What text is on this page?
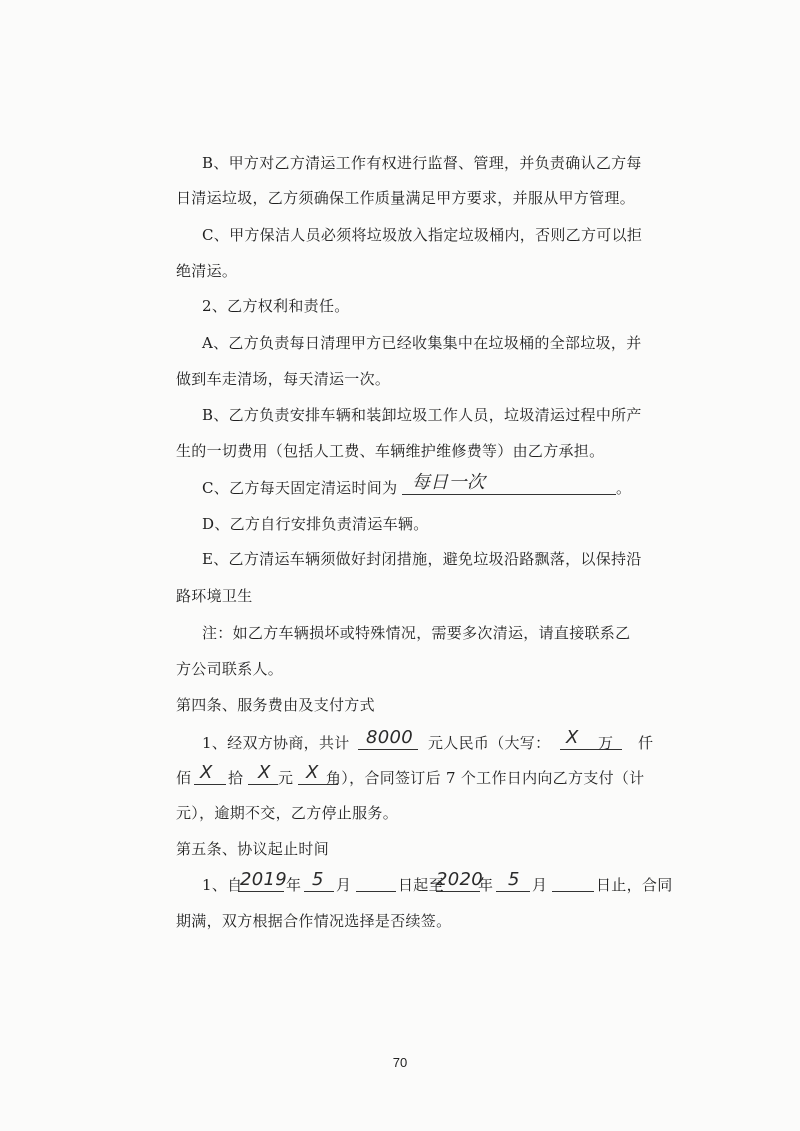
B、甲方对乙方清运工作有权进行监督、管理，并负责确认乙方每
日清运垃圾，乙方须确保工作质量满足甲方要求，并服从甲方管理。
C、甲方保洁人员必须将垃圾放入指定垃圾桶内，否则乙方可以拒
绝清运。
2、乙方权利和责任。
A、乙方负责每日清理甲方已经收集集中在垃圾桶的全部垃圾，并
做到车走清场，每天清运一次。
B、乙方负责安排车辆和装卸垃圾工作人员，垃圾清运过程中所产
生的一切费用（包括人工费、车辆维护维修费等）由乙方承担。
C、乙方每天固定清运时间为 每日一次	。
D、乙方自行安排负责清运车辆。
E、乙方清运车辆须做好封闭措施，避免垃圾沿路飘落，以保持沿
路环境卫生
注：如乙方车辆损坏或特殊情况，需要多次清运，请直接联系乙
方公司联系人。
第四条、服务费由及支付方式
1、经双方协商，共计 8000 元人民币（大写： X 万 仟
佰 X 拾 X 元 X 角），合同签订后 7 个工作日内向乙方支付（计
元），逾期不交，乙方停止服务。
第五条、协议起止时间
1、自
2019
年 5 月	日起至
2020
年 5 月	日止，合同
期满，双方根据合作情况选择是否续签。
70
